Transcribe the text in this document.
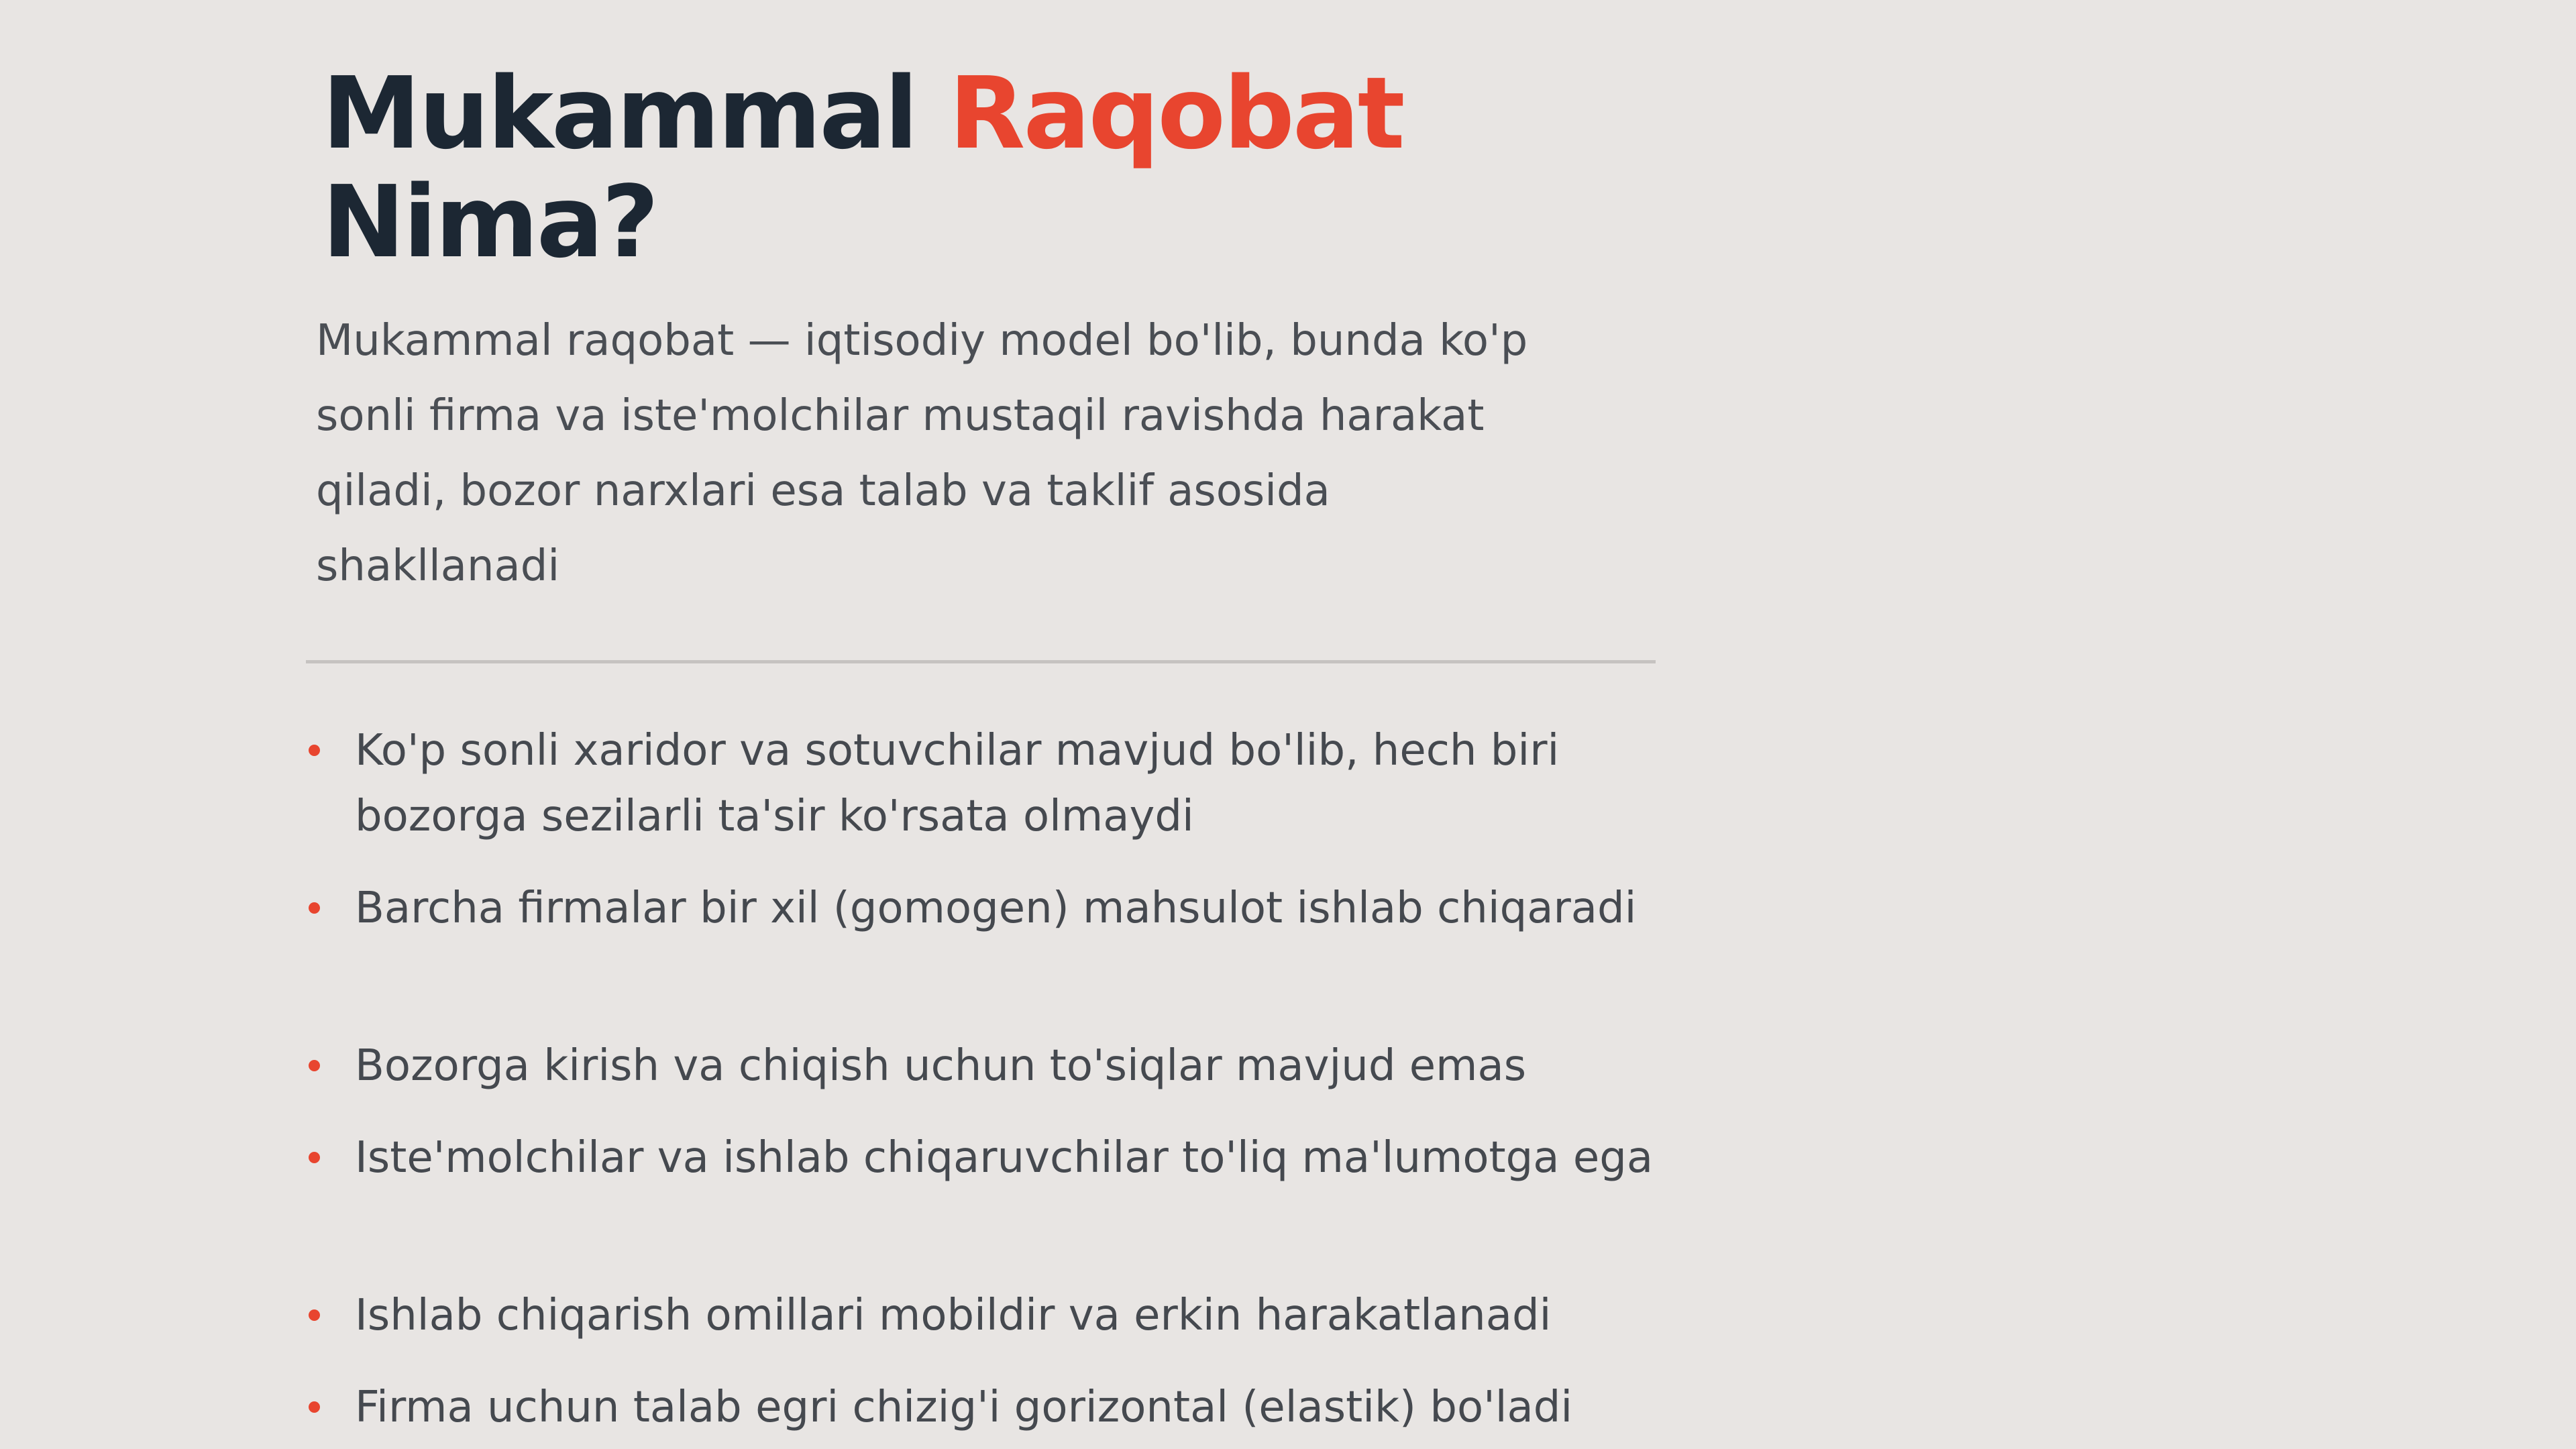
Mukammal Raqobat
Nima?

Mukammal raqobat — iqtisodiy model bo'lib, bunda ko'p sonli firma va iste'molchilar mustaqil ravishda harakat qiladi, bozor narxlari esa talab va taklif asosida shakllanadi

Ko'p sonli xaridor va sotuvchilar mavjud bo'lib, hech biri bozorga sezilarli ta'sir ko'rsata olmaydi
Barcha firmalar bir xil (gomogen) mahsulot ishlab chiqaradi
Bozorga kirish va chiqish uchun to'siqlar mavjud emas
Iste'molchilar va ishlab chiqaruvchilar to'liq ma'lumotga ega
Ishlab chiqarish omillari mobildir va erkin harakatlanadi
Firma uchun talab egri chizig'i gorizontal (elastik) bo'ladi
